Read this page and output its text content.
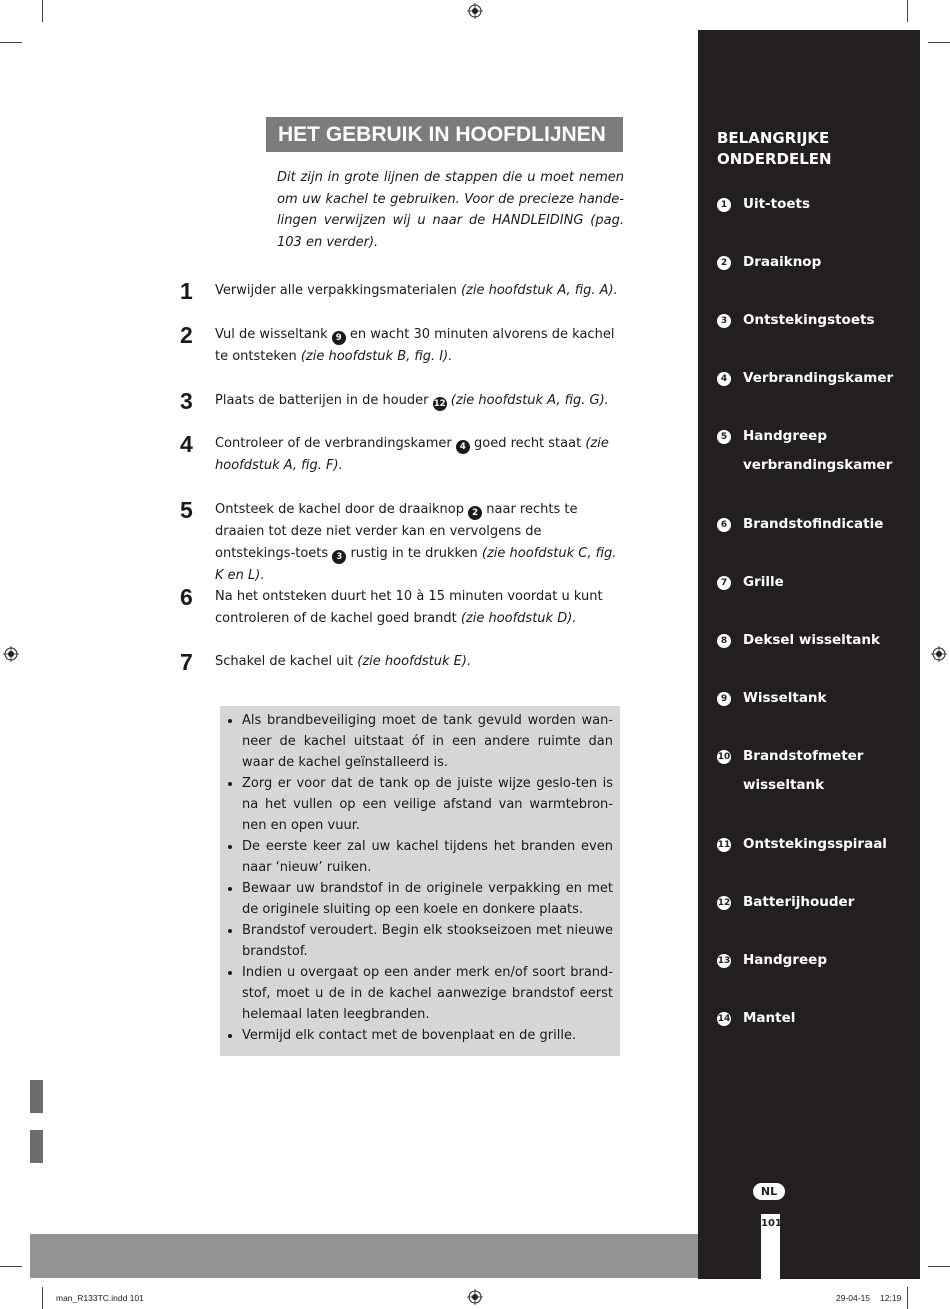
BELANGRIJKE ONDERDELEN
1 Uit-toets
2 Draaiknop
3 Ontstekingstoets
4 Verbrandingskamer
5 Handgreep verbrandingskamer
6 Brandstofindicatie
7 Grille
8 Deksel wisseltank
9 Wisseltank
10 Brandstofmeter wisseltank
11 Ontstekingsspiraal
12 Batterijhouder
13 Handgreep
14 Mantel
NL
101
HET GEBRUIK IN HOOFDLIJNEN
Dit zijn in grote lijnen de stappen die u moet nemen om uw kachel te gebruiken. Voor de precieze hande-lingen verwijzen wij u naar de HANDLEIDING (pag. 103 en verder).
1	Verwijder alle verpakkingsmaterialen (zie hoofdstuk A, fig. A).
2	Vul de wisseltank 9 en wacht 30 minuten alvorens de kachel te ontsteken (zie hoofdstuk B, fig. I).
3	Plaats de batterijen in de houder 12 (zie hoofdstuk A, fig. G).
4	Controleer of de verbrandingskamer 4 goed recht staat (zie hoofdstuk A, fig. F).
5	Ontsteek de kachel door de draaiknop 2 naar rechts te draaien tot deze niet verder kan en vervolgens de ontstekings-toets 3 rustig in te drukken (zie hoofdstuk C, fig. K en L).
6	Na het ontsteken duurt het 10 à 15 minuten voordat u kunt controleren of de kachel goed brandt (zie hoofdstuk D).
7	Schakel de kachel uit (zie hoofdstuk E).
• Als brandbeveiliging moet de tank gevuld worden wan-neer de kachel uitstaat óf in een andere ruimte dan waar de kachel geïnstalleerd is.
• Zorg er voor dat de tank op de juiste wijze geslo-ten is na het vullen op een veilige afstand van warmtebron-nen en open vuur.
• De eerste keer zal uw kachel tijdens het branden even naar ‘nieuw’ ruiken.
• Bewaar uw brandstof in de originele verpakking en met de originele sluiting op een koele en donkere plaats.
• Brandstof veroudert. Begin elk stookseizoen met nieuwe brandstof.
• Indien u overgaat op een ander merk en/of soort brand-stof, moet u de in de kachel aanwezige brandstof eerst helemaal laten leegbranden.
• Vermijd elk contact met de bovenplaat en de grille.
man_R133TC.indd 101	29-04-15 12:19
